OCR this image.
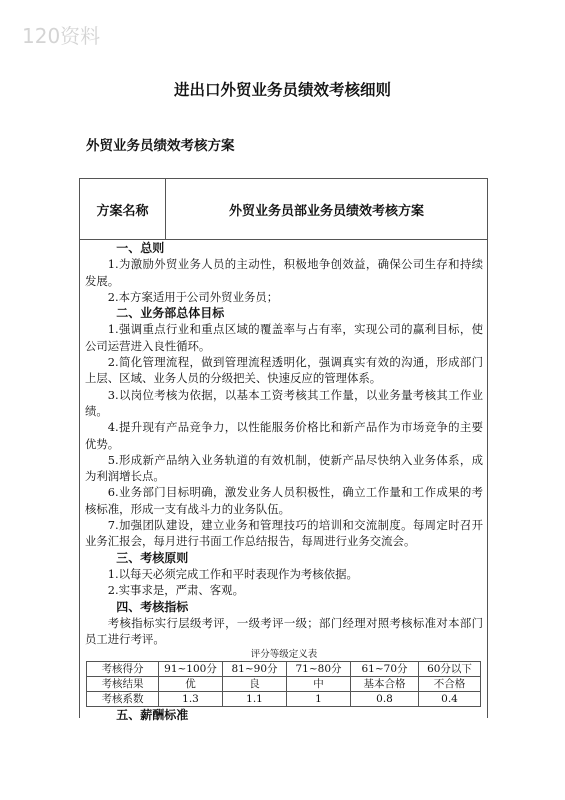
120资料
进出口外贸业务员绩效考核细则
外贸业务员绩效考核方案
方案名称	外贸业务员部业务员绩效考核方案

一、总则

1.为激励外贸业务人员的主动性，积极地争创效益，确保公司生存和持续发展。

2.本方案适用于公司外贸业务员；

二、业务部总体目标

1.强调重点行业和重点区域的覆盖率与占有率，实现公司的赢利目标，使公司运营进入良性循环。

2.简化管理流程，做到管理流程透明化，强调真实有效的沟通，形成部门上层、区域、业务人员的分级把关、快速反应的管理体系。

3.以岗位考核为依据，以基本工资考核其工作量，以业务量考核其工作业绩。

4.提升现有产品竞争力，以性能服务价格比和新产品作为市场竞争的主要优势。

5.形成新产品纳入业务轨道的有效机制，使新产品尽快纳入业务体系，成为利润增长点。

6.业务部门目标明确，激发业务人员积极性，确立工作量和工作成果的考核标准，形成一支有战斗力的业务队伍。

7.加强团队建设，建立业务和管理技巧的培训和交流制度。每周定时召开业务汇报会，每月进行书面工作总结报告，每周进行业务交流会。

三、考核原则

1.以每天必须完成工作和平时表现作为考核依据。

2.实事求是，严肃、客观。

四、考核指标

考核指标实行层级考评，一级考评一级；部门经理对照考核标准对本部门员工进行考评。

评分等级定义表
考核得分	91~100分	81~90分	71~80分	61~70分	60分以下
考核结果	优	良	中	基本合格	不合格
考核系数	1.3	1.1	1	0.8	0.4

五、薪酬标准
